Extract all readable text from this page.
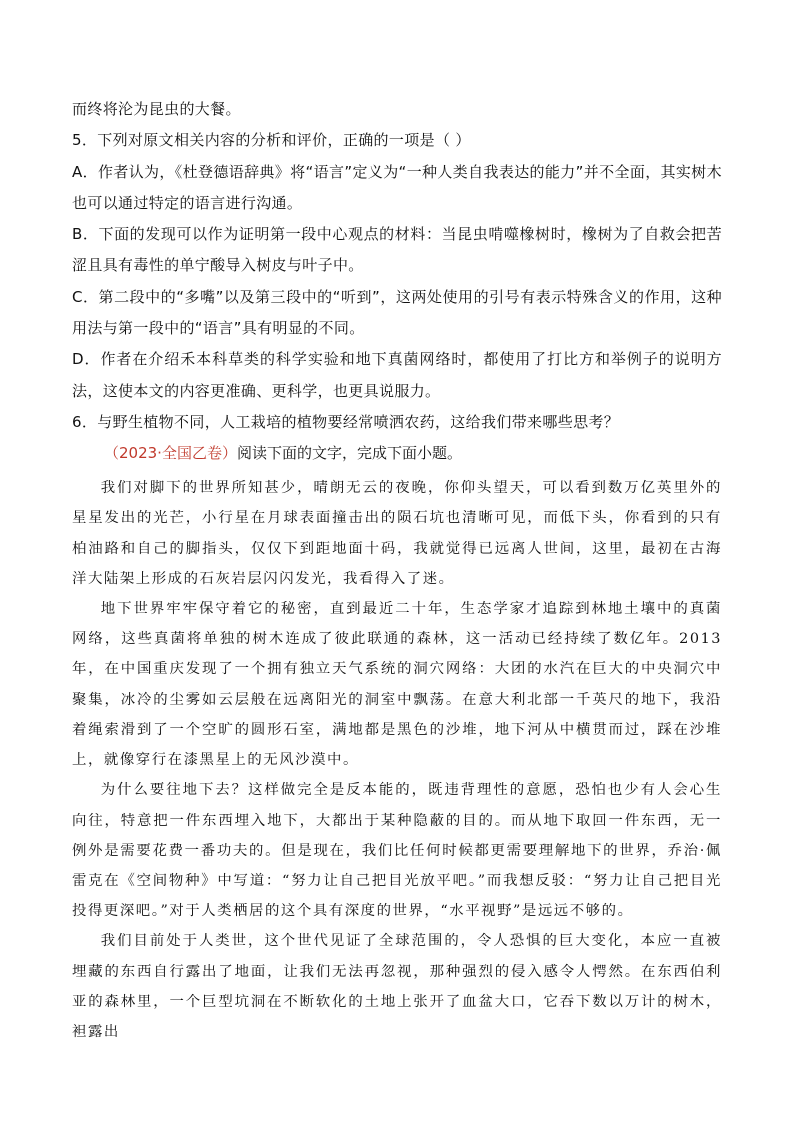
而终将沦为昆虫的大餐。

5．下列对原文相关内容的分析和评价，正确的一项是（ ）

A．作者认为，《杜登德语辞典》将“语言”定义为“一种人类自我表达的能力”并不全面，其实树木也可以通过特定的语言进行沟通。

B．下面的发现可以作为证明第一段中心观点的材料：当昆虫啃噬橡树时，橡树为了自救会把苦涩且具有毒性的单宁酸导入树皮与叶子中。

C．第二段中的“多嘴”以及第三段中的“听到”，这两处使用的引号有表示特殊含义的作用，这种用法与第一段中的“语言”具有明显的不同。

D．作者在介绍禾本科草类的科学实验和地下真菌网络时，都使用了打比方和举例子的说明方法，这使本文的内容更准确、更科学，也更具说服力。

6．与野生植物不同，人工栽培的植物要经常喷洒农药，这给我们带来哪些思考？

（2023·全国乙卷）阅读下面的文字，完成下面小题。

我们对脚下的世界所知甚少，晴朗无云的夜晚，你仰头望天，可以看到数万亿英里外的星星发出的光芒，小行星在月球表面撞击出的陨石坑也清晰可见，而低下头，你看到的只有柏油路和自己的脚指头，仅仅下到距地面十码，我就觉得已远离人世间，这里，最初在古海洋大陆架上形成的石灰岩层闪闪发光，我看得入了迷。

地下世界牢牢保守着它的秘密，直到最近二十年，生态学家才追踪到林地土壤中的真菌网络，这些真菌将单独的树木连成了彼此联通的森林，这一活动已经持续了数亿年。2013 年，在中国重庆发现了一个拥有独立天气系统的洞穴网络：大团的水汽在巨大的中央洞穴中聚集，冰冷的尘雾如云层般在远离阳光的洞室中飘荡。在意大利北部一千英尺的地下，我沿着绳索滑到了一个空旷的圆形石室，满地都是黑色的沙堆，地下河从中横贯而过，踩在沙堆上，就像穿行在漆黑星上的无风沙漠中。

为什么要往地下去？这样做完全是反本能的，既违背理性的意愿，恐怕也少有人会心生向往，特意把一件东西埋入地下，大都出于某种隐蔽的目的。而从地下取回一件东西，无一例外是需要花费一番功夫的。但是现在，我们比任何时候都更需要理解地下的世界，乔治·佩雷克在《空间物种》中写道：“努力让自己把目光放平吧。”而我想反驳：“努力让自己把目光投得更深吧。”对于人类栖居的这个具有深度的世界，“水平视野”是远远不够的。

我们目前处于人类世，这个世代见证了全球范围的，令人恐惧的巨大变化，本应一直被埋藏的东西自行露出了地面，让我们无法再忽视，那种强烈的侵入感令人愕然。在东西伯利亚的森林里，一个巨型坑洞在不断软化的土地上张开了血盆大口，它吞下数以万计的树木，袒露出
